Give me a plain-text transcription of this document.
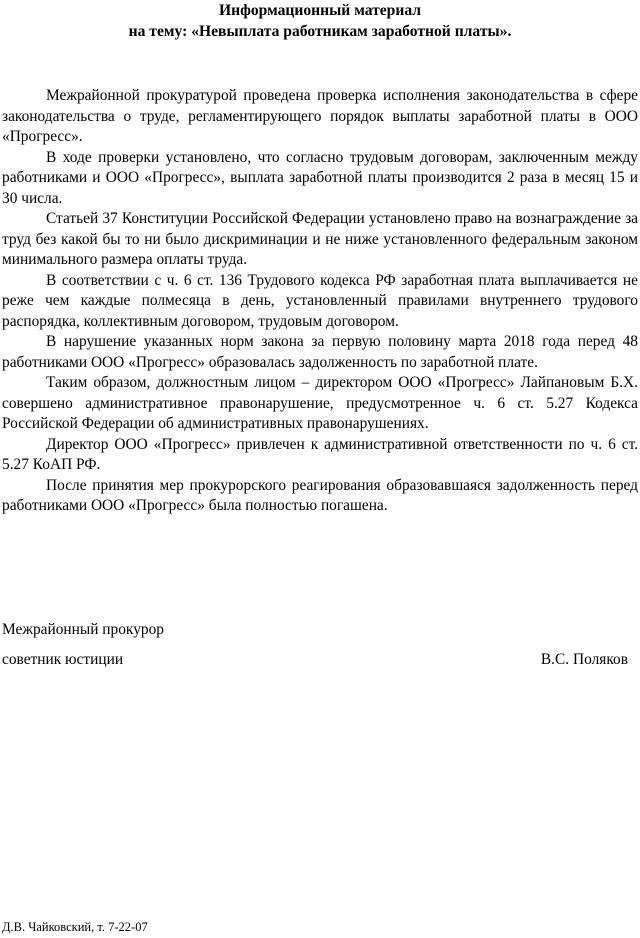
Информационный материал
на тему: «Невыплата работникам заработной платы».

Межрайонной прокуратурой проведена проверка исполнения законодательства в сфере законодательства о труде, регламентирующего порядок выплаты заработной платы в ООО «Прогресс».

В ходе проверки установлено, что согласно трудовым договорам, заключенным между работниками и ООО «Прогресс», выплата заработной платы производится 2 раза в месяц 15 и 30 числа.

Статьей 37 Конституции Российской Федерации установлено право на вознаграждение за труд без какой бы то ни было дискриминации и не ниже установленного федеральным законом минимального размера оплаты труда.

В соответствии с ч. 6 ст. 136 Трудового кодекса РФ заработная плата выплачивается не реже чем каждые полмесяца в день, установленный правилами внутреннего трудового распорядка, коллективным договором, трудовым договором.

В нарушение указанных норм закона за первую половину марта 2018 года перед 48 работниками ООО «Прогресс» образовалась задолженность по заработной плате.

Таким образом, должностным лицом – директором ООО «Прогресс» Лайпановым Б.Х. совершено административное правонарушение, предусмотренное ч. 6 ст. 5.27 Кодекса Российской Федерации об административных правонарушениях.

Директор ООО «Прогресс» привлечен к административной ответственности по ч. 6 ст. 5.27 КоАП РФ.

После принятия мер прокурорского реагирования образовавшаяся задолженность перед работниками ООО «Прогресс» была полностью погашена.

Межрайонный прокурор
советник юстиции	В.С. Поляков
Д.В. Чайковский, т. 7-22-07
